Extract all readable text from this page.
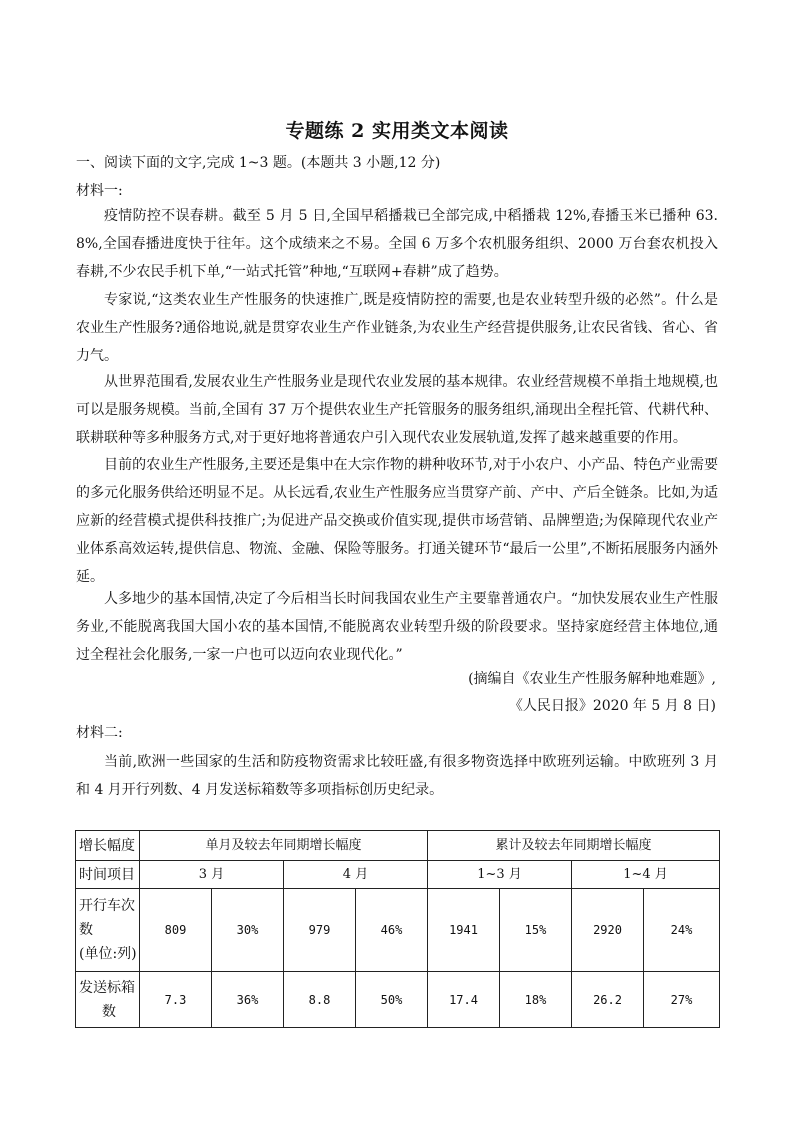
专题练 2 实用类文本阅读
一、阅读下面的文字,完成 1~3 题。(本题共 3 小题,12 分)
材料一:
疫情防控不误春耕。截至 5 月 5 日,全国早稻播栽已全部完成,中稻播栽 12%,春播玉米已播种 63.8%,全国春播进度快于往年。这个成绩来之不易。全国 6 万多个农机服务组织、2000 万台套农机投入春耕,不少农民手机下单,“一站式托管”种地,“互联网+春耕”成了趋势。
专家说,“这类农业生产性服务的快速推广,既是疫情防控的需要,也是农业转型升级的必然”。什么是农业生产性服务?通俗地说,就是贯穿农业生产作业链条,为农业生产经营提供服务,让农民省钱、省心、省力气。
从世界范围看,发展农业生产性服务业是现代农业发展的基本规律。农业经营规模不单指土地规模,也可以是服务规模。当前,全国有 37 万个提供农业生产托管服务的服务组织,涌现出全程托管、代耕代种、联耕联种等多种服务方式,对于更好地将普通农户引入现代农业发展轨道,发挥了越来越重要的作用。
目前的农业生产性服务,主要还是集中在大宗作物的耕种收环节,对于小农户、小产品、特色产业需要的多元化服务供给还明显不足。从长远看,农业生产性服务应当贯穿产前、产中、产后全链条。比如,为适应新的经营模式提供科技推广;为促进产品交换或价值实现,提供市场营销、品牌塑造;为保障现代农业产业体系高效运转,提供信息、物流、金融、保险等服务。打通关键环节“最后一公里”,不断拓展服务内涵外延。
人多地少的基本国情,决定了今后相当长时间我国农业生产主要靠普通农户。“加快发展农业生产性服务业,不能脱离我国大国小农的基本国情,不能脱离农业转型升级的阶段要求。坚持家庭经营主体地位,通过全程社会化服务,一家一户也可以迈向农业现代化。”
(摘编自《农业生产性服务解种地难题》,
《人民日报》2020 年 5 月 8 日)
材料二:
当前,欧洲一些国家的生活和防疫物资需求比较旺盛,有很多物资选择中欧班列运输。中欧班列 3 月和 4 月开行列数、4 月发送标箱数等多项指标创历史纪录。
增长幅度	单月及较去年同期增长幅度				累计及较去年同期增长幅度			
时间项目	3 月		4 月		1~3 月		1~4 月	

开行车次
数
(单位:列)	809	30%	979	46%	1941	15%	2920	24%

发送标箱
数	7.3	36%	8.8	50%	17.4	18%	26.2	27%
